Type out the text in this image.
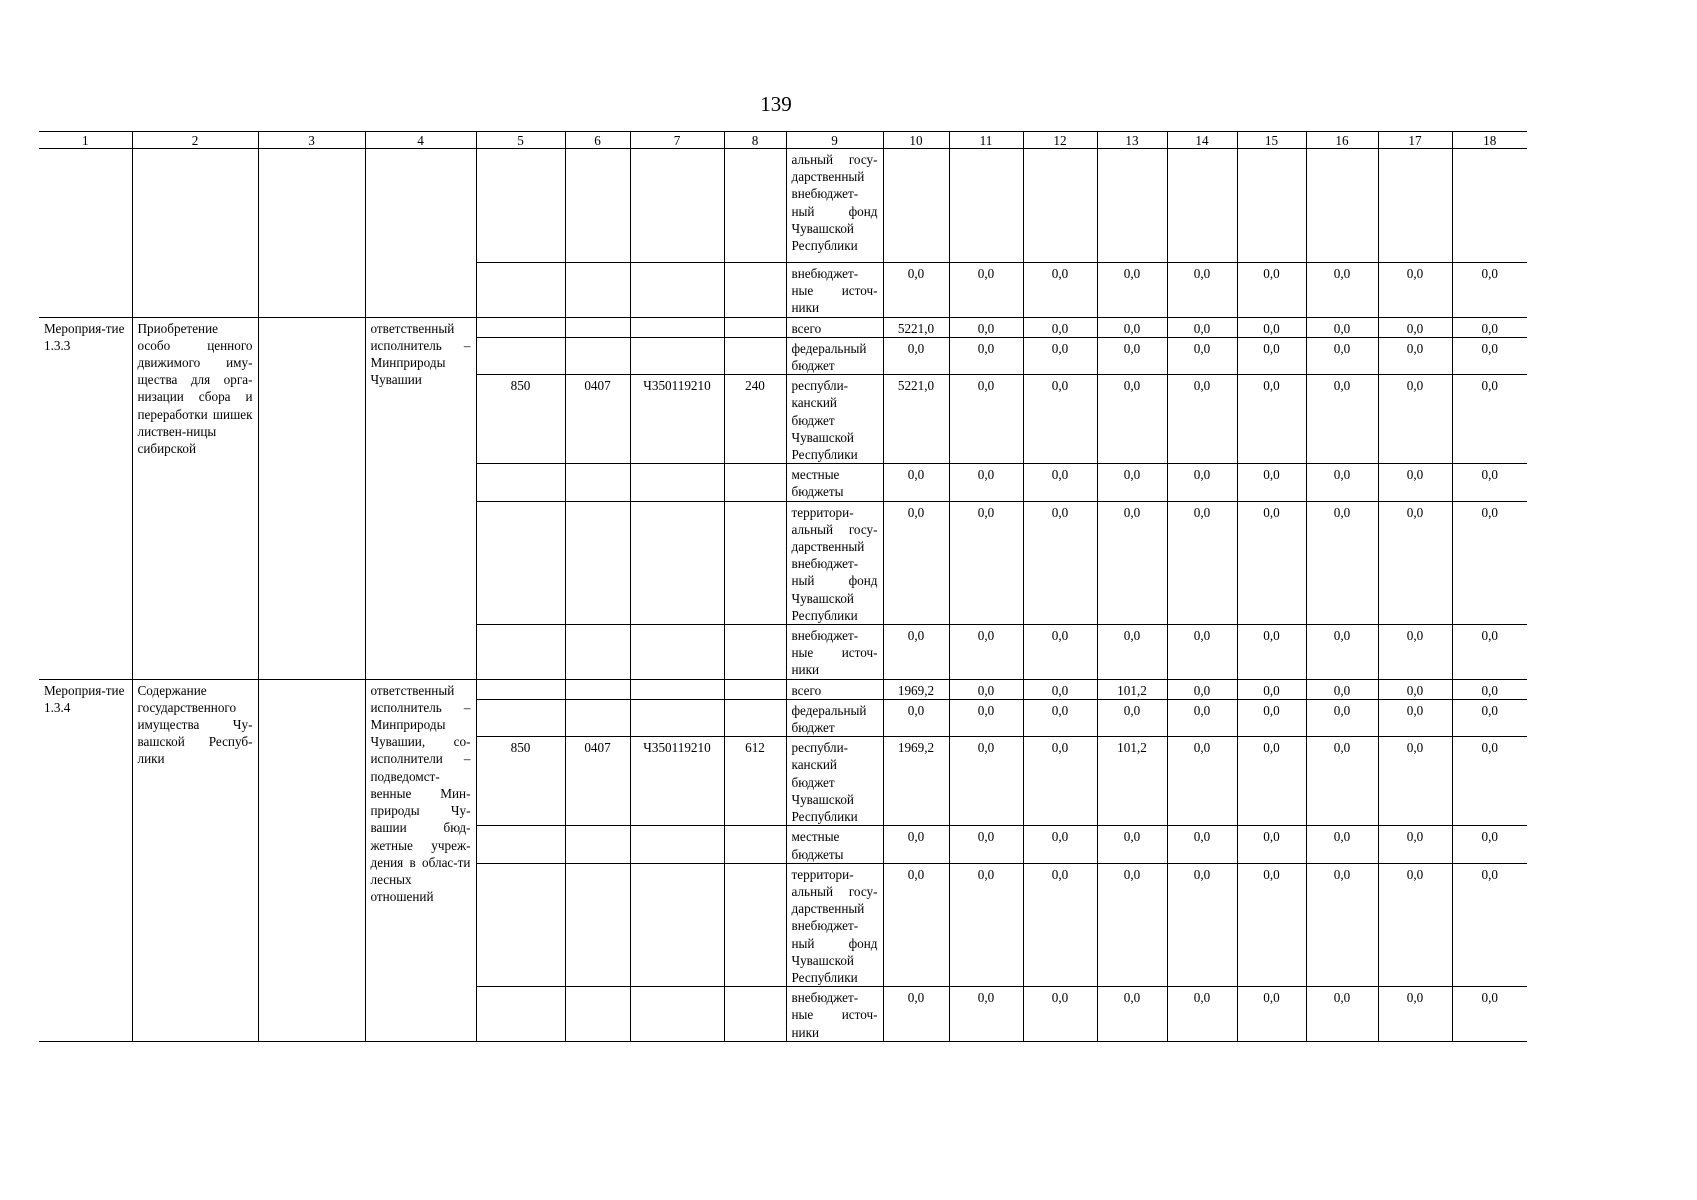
139
1	2	3	4	5	6	7	8	9	10	11	12	13	14	15	16	17	18
								альный госу-дарственный внебюджет-ный фонд Чувашской Республики									
								внебюджет-ные источ-ники	0,0	0,0	0,0	0,0	0,0	0,0	0,0	0,0	0,0
Мероприя-тие 1.3.3	Приобретение особо ценного движимого иму-щества для орга-низации сбора и переработки шишек листвен-ницы сибирской		ответственный исполнитель – Минприроды Чувашии					всего	5221,0	0,0	0,0	0,0	0,0	0,0	0,0	0,0	0,0
								федеральный бюджет	0,0	0,0	0,0	0,0	0,0	0,0	0,0	0,0	0,0
				850	0407	Ч350119210	240	республи-канский бюджет Чувашской Республики	5221,0	0,0	0,0	0,0	0,0	0,0	0,0	0,0	0,0
								местные бюджеты	0,0	0,0	0,0	0,0	0,0	0,0	0,0	0,0	0,0
								территори-альный госу-дарственный внебюджет-ный фонд Чувашской Республики	0,0	0,0	0,0	0,0	0,0	0,0	0,0	0,0	0,0
								внебюджет-ные источ-ники	0,0	0,0	0,0	0,0	0,0	0,0	0,0	0,0	0,0
Мероприя-тие 1.3.4	Содержание государственного имущества Чу-вашской Респуб-лики		ответственный исполнитель – Минприроды Чувашии, со-исполнители – подведомст-венные Мин-природы Чу-вашии бюд-жетные учреж-дения в облас-ти лесных отношений					всего	1969,2	0,0	0,0	101,2	0,0	0,0	0,0	0,0	0,0
								федеральный бюджет	0,0	0,0	0,0	0,0	0,0	0,0	0,0	0,0	0,0
				850	0407	Ч350119210	612	республи-канский бюджет Чувашской Республики	1969,2	0,0	0,0	101,2	0,0	0,0	0,0	0,0	0,0
								местные бюджеты	0,0	0,0	0,0	0,0	0,0	0,0	0,0	0,0	0,0
								территори-альный госу-дарственный внебюджет-ный фонд Чувашской Республики	0,0	0,0	0,0	0,0	0,0	0,0	0,0	0,0	0,0
								внебюджет-ные источ-ники	0,0	0,0	0,0	0,0	0,0	0,0	0,0	0,0	0,0
